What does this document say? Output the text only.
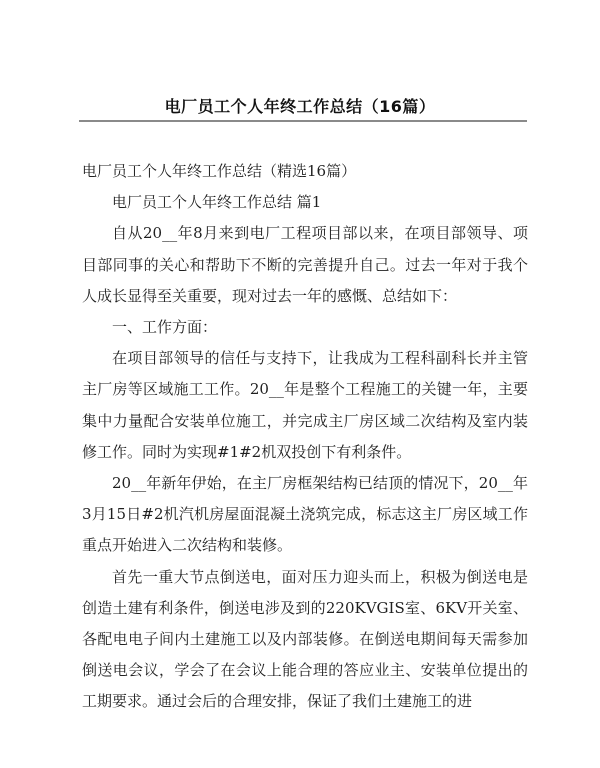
电厂员工个人年终工作总结（16篇）

电厂员工个人年终工作总结（精选16篇）

电厂员工个人年终工作总结 篇1

自从20__年8月来到电厂工程项目部以来，在项目部领导、项目部同事的关心和帮助下不断的完善提升自己。过去一年对于我个人成长显得至关重要，现对过去一年的感慨、总结如下：

一、工作方面：

在项目部领导的信任与支持下，让我成为工程科副科长并主管主厂房等区域施工工作。20__年是整个工程施工的关键一年，主要集中力量配合安装单位施工，并完成主厂房区域二次结构及室内装修工作。同时为实现#1#2机双投创下有利条件。

20__年新年伊始，在主厂房框架结构已结顶的情况下，20__年3月15日#2机汽机房屋面混凝土浇筑完成，标志这主厂房区域工作重点开始进入二次结构和装修。

首先一重大节点倒送电，面对压力迎头而上，积极为倒送电是创造土建有利条件，倒送电涉及到的220KVGIS室、6KV开关室、各配电电子间内土建施工以及内部装修。在倒送电期间每天需参加倒送电会议，学会了在会议上能合理的答应业主、安装单位提出的工期要求。通过会后的合理安排，保证了我们土建施工的进
